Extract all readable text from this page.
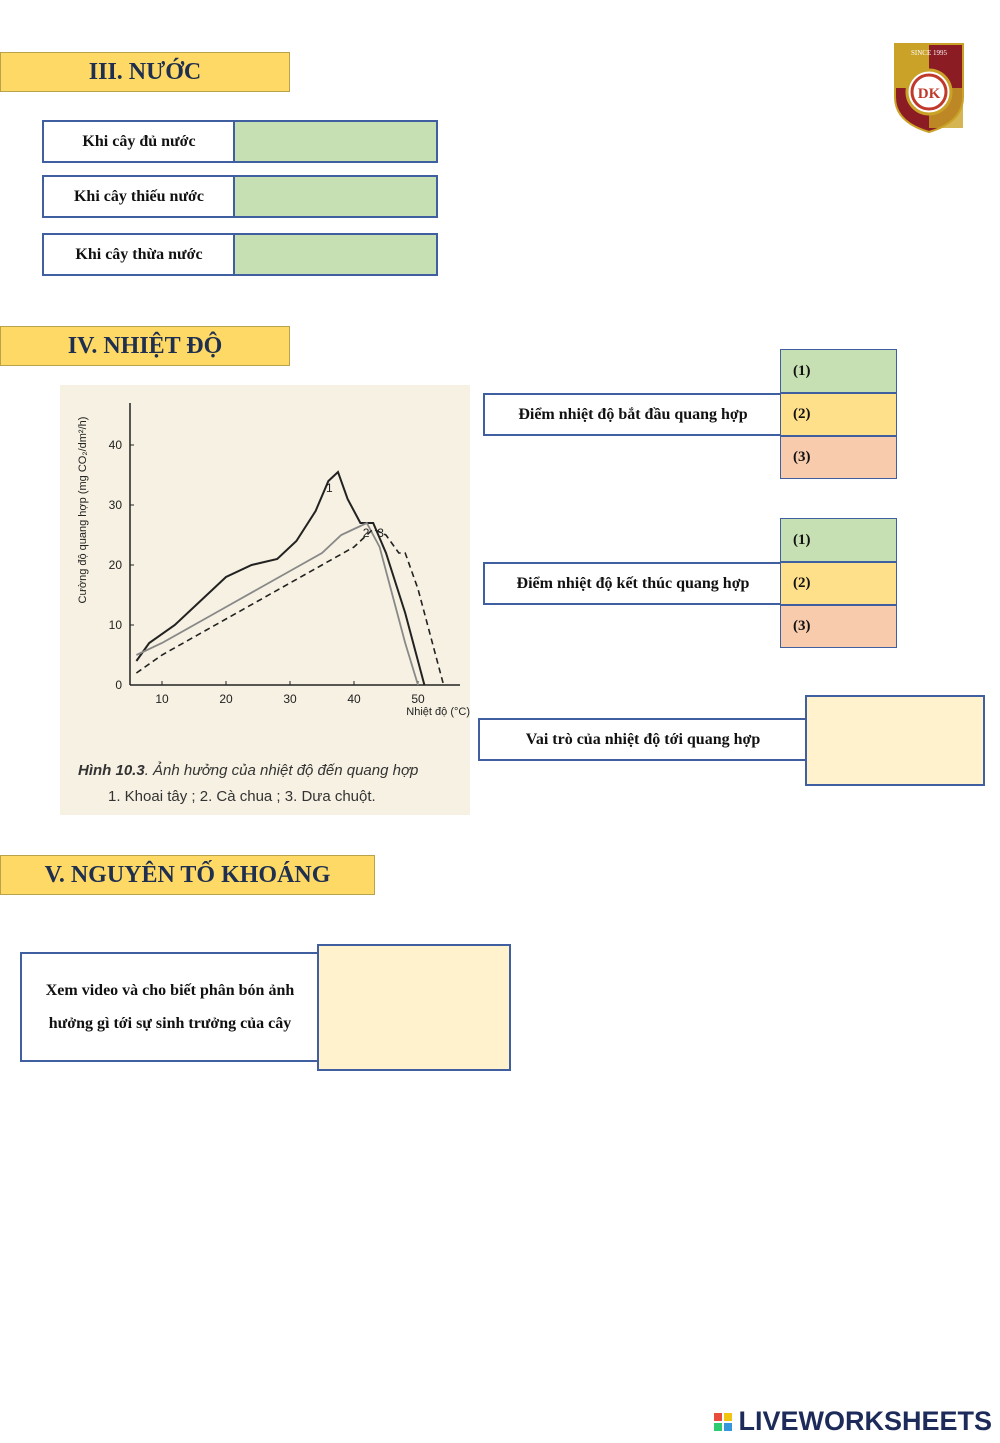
DK
SINCE 1995
III. NƯỚC
Khi cây đủ nước
Khi cây thiếu nước
Khi cây thừa nước
IV. NHIỆT ĐỘ
10	20	30	40	50
0
10
20
30
40
Cường độ quang hợp (mg CO₂/dm²/h)
Nhiệt độ (°C)
1
2 3
Hình 10.3. Ảnh hưởng của nhiệt độ đến quang hợp
1. Khoai tây ; 2. Cà chua ; 3. Dưa chuột.
Điểm nhiệt độ bắt đầu quang hợp
(1)
(2)
(3)
Điểm nhiệt độ kết thúc quang hợp
(1)
(2)
(3)
Vai trò của nhiệt độ tới quang hợp
V. NGUYÊN TỐ KHOÁNG
Xem video và cho biết phân bón ảnh hưởng gì tới sự sinh trưởng của cây
LIVEWORKSHEETS
